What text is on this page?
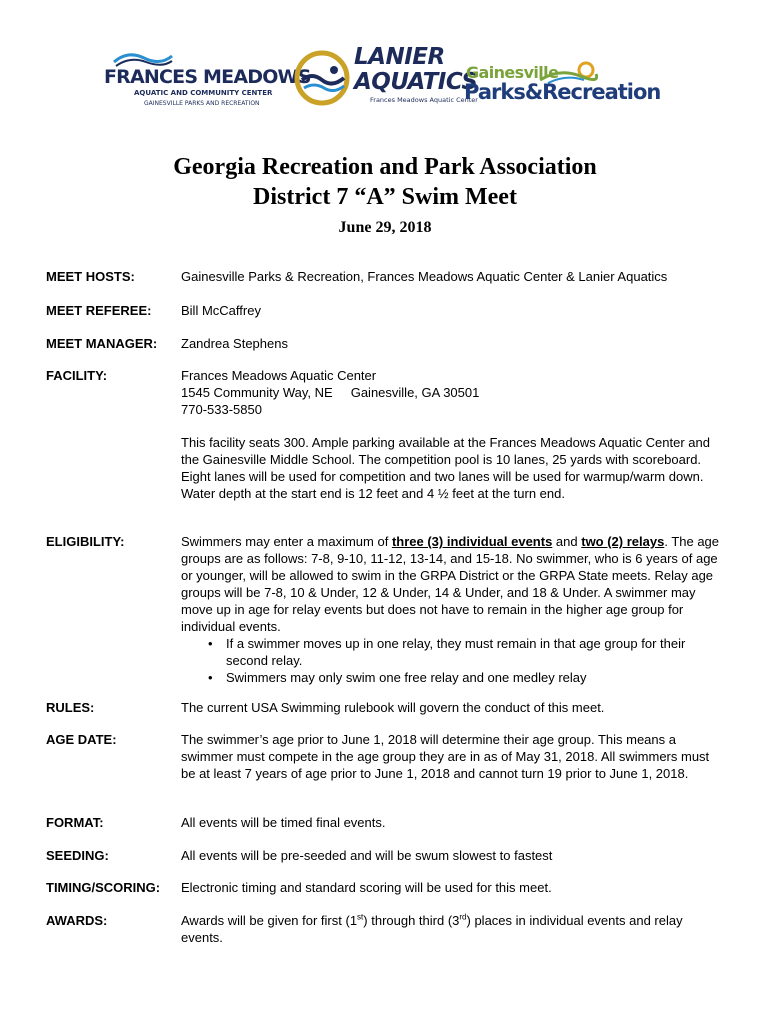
FRANCES MEADOWS
AQUATIC AND COMMUNITY CENTER
GAINESVILLE PARKS AND RECREATION
LANIER
AQUATICS
Frances Meadows Aquatic Center
Gainesville
Parks&Recreation
Georgia Recreation and Park Association
District 7 “A” Swim Meet
June 29, 2018
MEET HOSTS:	Gainesville Parks & Recreation, Frances Meadows Aquatic Center & Lanier Aquatics
MEET REFEREE: Bill McCaffrey
MEET MANAGER: Zandrea Stephens
FACILITY:	Frances Meadows Aquatic Center

1545 Community Way, NE Gainesville, GA 30501

770-533-5850

This facility seats 300. Ample parking available at the Frances Meadows Aquatic Center and the Gainesville Middle School. The competition pool is 10 lanes, 25 yards with scoreboard. Eight lanes will be used for competition and two lanes will be used for warmup/warm down. Water depth at the start end is 12 feet and 4 ½ feet at the turn end.

ELIGIBILITY:	Swimmers may enter a maximum of three (3) individual events and two (2) relays. The age groups are as follows: 7-8, 9-10, 11-12, 13-14, and 15-18. No swimmer, who is 6 years of age or younger, will be allowed to swim in the GRPA District or the GRPA State meets. Relay age groups will be 7-8, 10 & Under, 12 & Under, 14 & Under, and 18 & Under. A swimmer may move up in age for relay events but does not have to remain in the higher age group for individual events.

• If a swimmer moves up in one relay, they must remain in that age group for their second relay.
• Swimmers may only swim one free relay and one medley relay
RULES:	The current USA Swimming rulebook will govern the conduct of this meet.
AGE DATE:	The swimmer’s age prior to June 1, 2018 will determine their age group. This means a swimmer must compete in the age group they are in as of May 31, 2018. All swimmers must be at least 7 years of age prior to June 1, 2018 and cannot turn 19 prior to June 1, 2018.
FORMAT:	All events will be timed final events.
SEEDING:	All events will be pre-seeded and will be swum slowest to fastest
TIMING/SCORING: Electronic timing and standard scoring will be used for this meet.
AWARDS:	Awards will be given for first (1st) through third (3rd) places in individual events and relay events.
